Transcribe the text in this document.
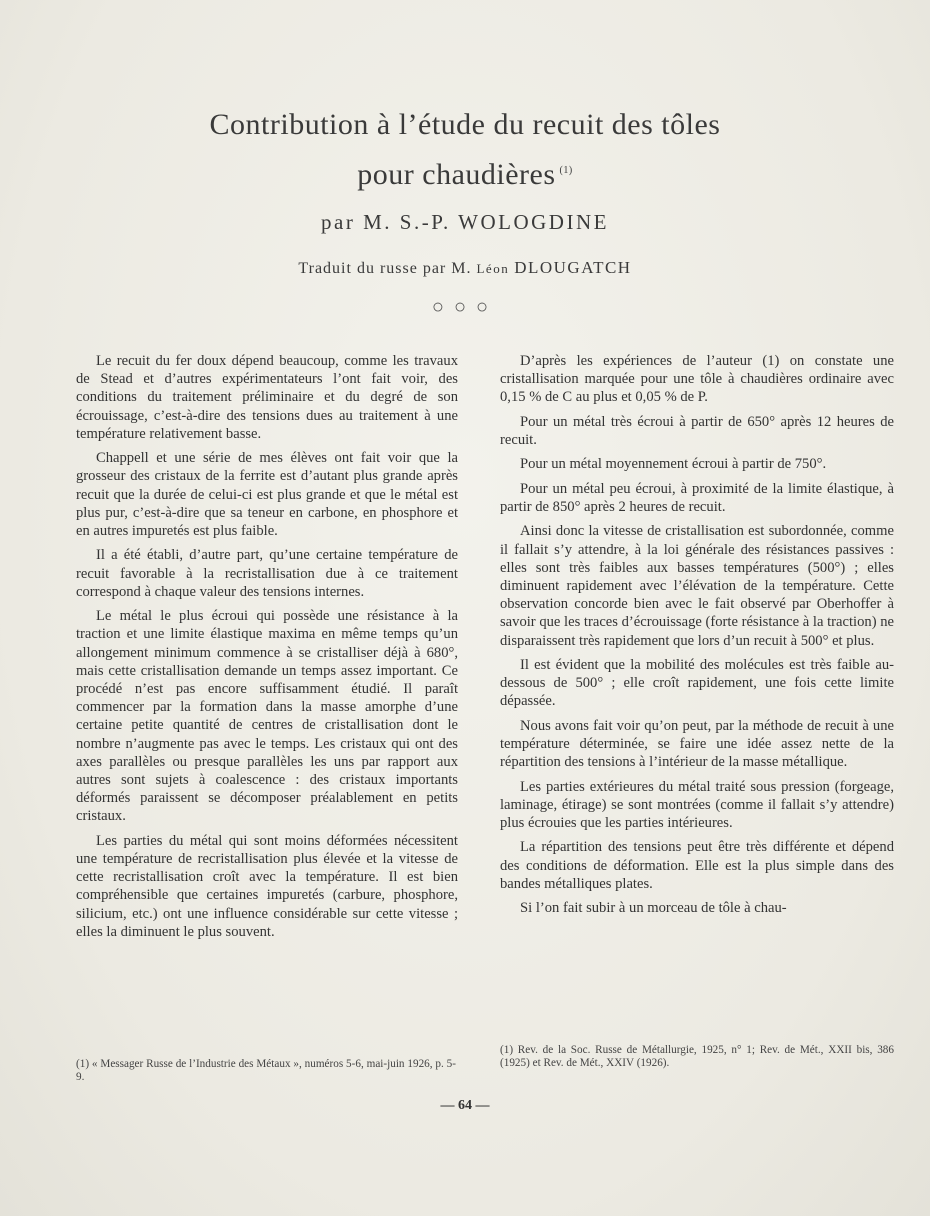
Contribution à l’étude du recuit des tôles
pour chaudières $^{(1)}$
par M. S.-P. WOLOGDINE
Traduit du russe par M. Léon DLOUGATCH
○○○

Le recuit du fer doux dépend beaucoup, comme les travaux de Stead et d’autres expérimentateurs l’ont fait voir, des conditions du traitement préliminaire et du degré de son écrouissage, c’est-à-dire des tensions dues au traitement à une température relativement basse.

Chappell et une série de mes élèves ont fait voir que la grosseur des cristaux de la ferrite est d’autant plus grande après recuit que la durée de celui-ci est plus grande et que le métal est plus pur, c’est-à-dire que sa teneur en carbone, en phosphore et en autres impuretés est plus faible.

Il a été établi, d’autre part, qu’une certaine température de recuit favorable à la recristallisation due à ce traitement correspond à chaque valeur des tensions internes.

Le métal le plus écroui qui possède une résistance à la traction et une limite élastique maxima en même temps qu’un allongement minimum commence à se cristalliser déjà à 680°, mais cette cristallisation demande un temps assez important. Ce procédé n’est pas encore suffisamment étudié. Il paraît commencer par la formation dans la masse amorphe d’une certaine petite quantité de centres de cristallisation dont le nombre n’augmente pas avec le temps. Les cristaux qui ont des axes parallèles ou presque parallèles les uns par rapport aux autres sont sujets à coalescence : des cristaux importants déformés paraissent se décomposer préalablement en petits cristaux.

Les parties du métal qui sont moins déformées nécessitent une température de recristallisation plus élevée et la vitesse de cette recristallisation croît avec la température. Il est bien compréhensible que certaines impuretés (carbure, phosphore, silicium, etc.) ont une influence considérable sur cette vitesse ; elles la diminuent le plus souvent.

D’après les expériences de l’auteur (1) on constate une cristallisation marquée pour une tôle à chaudières ordinaire avec 0,15 % de C au plus et 0,05 % de P.

Pour un métal très écroui à partir de 650° après 12 heures de recuit.

Pour un métal moyennement écroui à partir de 750°.

Pour un métal peu écroui, à proximité de la limite élastique, à partir de 850° après 2 heures de recuit.

Ainsi donc la vitesse de cristallisation est subordonnée, comme il fallait s’y attendre, à la loi générale des résistances passives : elles sont très faibles aux basses températures (500°) ; elles diminuent rapidement avec l’élévation de la température. Cette observation concorde bien avec le fait observé par Oberhoffer à savoir que les traces d’écrouissage (forte résistance à la traction) ne disparaissent très rapidement que lors d’un recuit à 500° et plus.

Il est évident que la mobilité des molécules est très faible au-dessous de 500° ; elle croît rapidement, une fois cette limite dépassée.

Nous avons fait voir qu’on peut, par la méthode de recuit à une température déterminée, se faire une idée assez nette de la répartition des tensions à l’intérieur de la masse métallique.

Les parties extérieures du métal traité sous pression (forgeage, laminage, étirage) se sont montrées (comme il fallait s’y attendre) plus écrouies que les parties intérieures.

La répartition des tensions peut être très différente et dépend des conditions de déformation. Elle est la plus simple dans des bandes métalliques plates.

Si l’on fait subir à un morceau de tôle à chau-

(1) « Messager Russe de l’Industrie des Métaux », numéros 5-6, mai-juin 1926, p. 5-9.
(1) Rev. de la Soc. Russe de Métallurgie, 1925, n° 1; Rev. de Mét., XXII bis, 386 (1925) et Rev. de Mét., XXIV (1926).
— 64 —
